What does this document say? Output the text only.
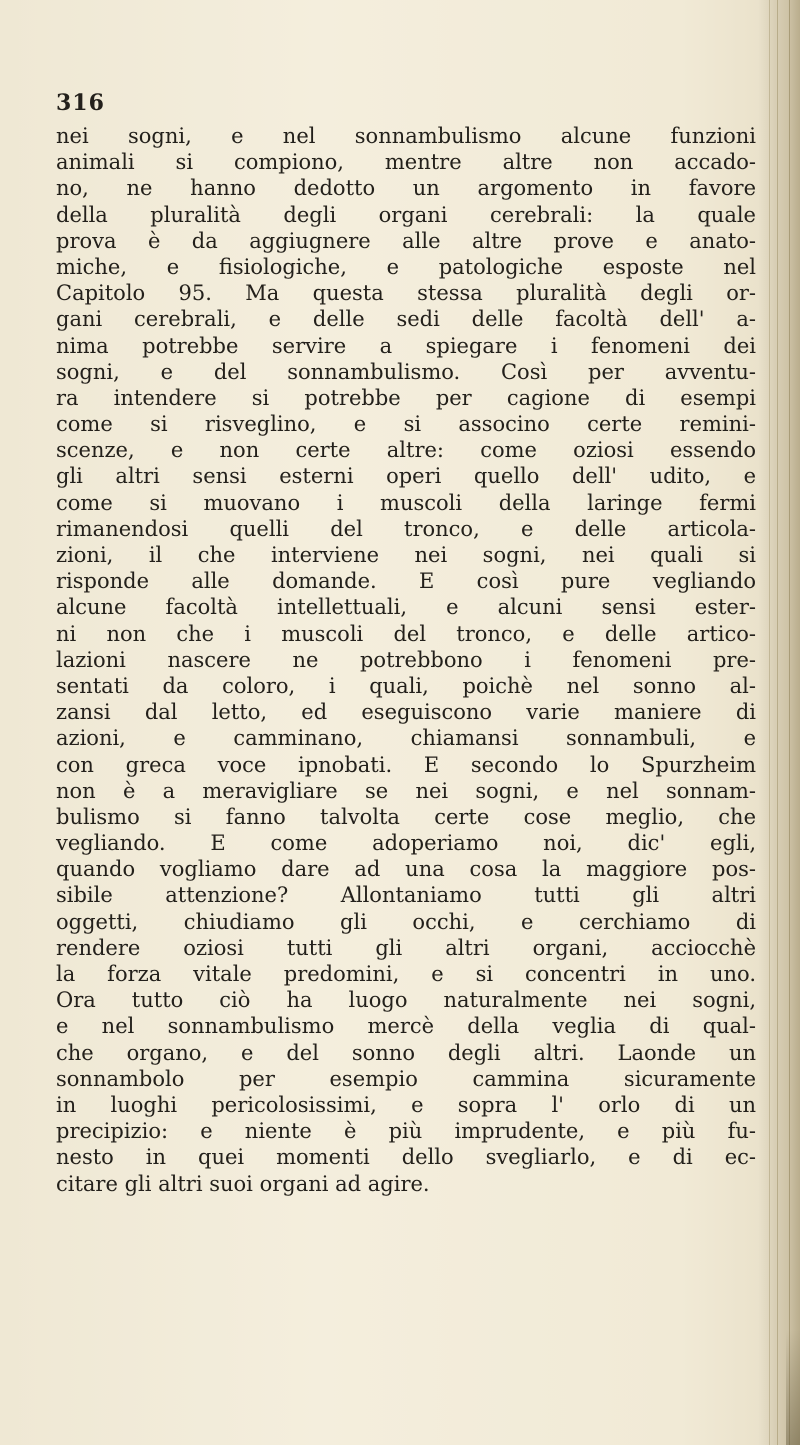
316
nei sogni, e nel sonnambulismo alcune funzioni
animali si compiono, mentre altre non accado-
no, ne hanno dedotto un argomento in favore
della pluralità degli organi cerebrali: la quale
prova è da aggiugnere alle altre prove e anato-
miche, e fisiologiche, e patologiche esposte nel
Capitolo 95. Ma questa stessa pluralità degli or-
gani cerebrali, e delle sedi delle facoltà dell' a-
nima potrebbe servire a spiegare i fenomeni dei
sogni, e del sonnambulismo. Così per avventu-
ra intendere si potrebbe per cagione di esempi
come si risveglino, e si associno certe remini-
scenze, e non certe altre: come oziosi essendo
gli altri sensi esterni operi quello dell' udito, e
come si muovano i muscoli della laringe fermi
rimanendosi quelli del tronco, e delle articola-
zioni, il che interviene nei sogni, nei quali si
risponde alle domande. E così pure vegliando
alcune facoltà intellettuali, e alcuni sensi ester-
ni non che i muscoli del tronco, e delle artico-
lazioni nascere ne potrebbono i fenomeni pre-
sentati da coloro, i quali, poichè nel sonno al-
zansi dal letto, ed eseguiscono varie maniere di
azioni, e camminano, chiamansi sonnambuli, e
con greca voce ipnobati. E secondo lo Spurzheim
non è a meravigliare se nei sogni, e nel sonnam-
bulismo si fanno talvolta certe cose meglio, che
vegliando. E come adoperiamo noi, dic' egli,
quando vogliamo dare ad una cosa la maggiore pos-
sibile attenzione? Allontaniamo tutti gli altri
oggetti, chiudiamo gli occhi, e cerchiamo di
rendere oziosi tutti gli altri organi, acciocchè
la forza vitale predomini, e si concentri in uno.
Ora tutto ciò ha luogo naturalmente nei sogni,
e nel sonnambulismo mercè della veglia di qual-
che organo, e del sonno degli altri. Laonde un
sonnambolo per esempio cammina sicuramente
in luoghi pericolosissimi, e sopra l' orlo di un
precipizio: e niente è più imprudente, e più fu-
nesto in quei momenti dello svegliarlo, e di ec-
citare gli altri suoi organi ad agire.
